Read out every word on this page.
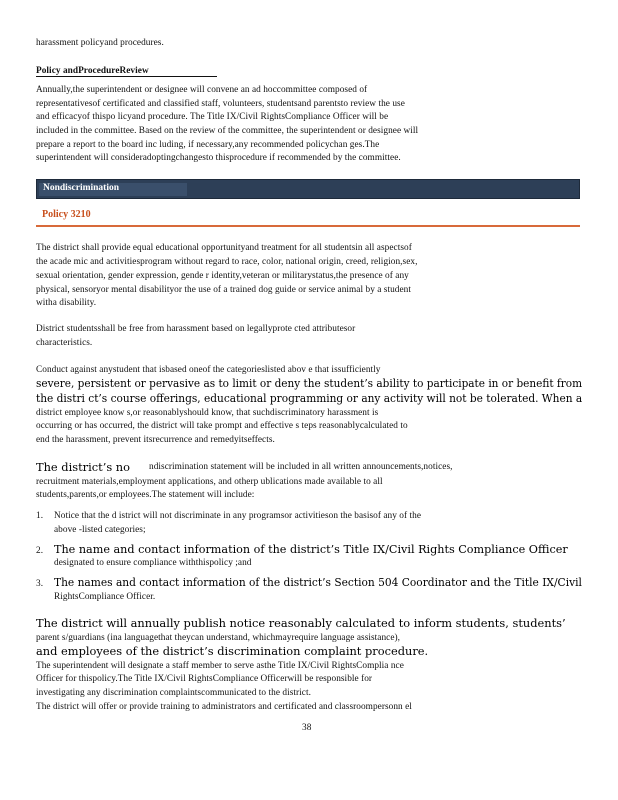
harassment policyand procedures.
Policy andProcedureReview
Annually,the superintendent or designee will convene an ad hoccommittee composed of
representativesof certificated and classified staff, volunteers, studentsand parentsto review the use
and efficacyof thispo licyand procedure. The Title IX/Civil RightsCompliance Officer will be
included in the committee. Based on the review of the committee, the superintendent or designee will
prepare a report to the board inc luding, if necessary,any recommended policychan ges.The
superintendent will consideradoptingchangesto thisprocedure if recommended by the committee.
Nondiscrimination
Policy 3210
The district shall provide equal educational opportunityand treatment for all studentsin all aspectsof
the acade mic and activitiesprogram without regard to race, color, national origin, creed, religion,sex,
sexual orientation, gender expression, gende r identity,veteran or militarystatus,the presence of any
physical, sensoryor mental disabilityor the use of a trained dog guide or service animal by a student
witha disability.
District studentsshall be free from harassment based on legallyprote cted attributesor
characteristics.
Conduct against anystudent that isbased oneof the categorieslisted abov e that issufficiently
severe, persistent or pervasive as to limit or deny the student’s ability to participate in or benefit from
the distri ct’s course offerings, educational programming or any activity will not be tolerated. When a
district employee know s,or reasonablyshould know, that suchdiscriminatory harassment is
occurring or has occurred, the district will take prompt and effective s teps reasonablycalculated to
end the harassment, prevent itsrecurrence and remedyitseffects.
The district’s no ndiscrimination statement will be included in all written announcements,notices,
recruitment materials,employment applications, and otherp ublications made available to all
students,parents,or employees.The statement will include:
1. Notice that the d istrict will not discriminate in any programsor activitieson the basisof any of the
above -listed categories;
2. The name and contact information of the district’s Title IX/Civil Rights Compliance Officer
designated to ensure compliance withthispolicy ;and
3. The names and contact information of the district’s Section 504 Coordinator and the Title IX/Civil
RightsCompliance Officer.
The district will annually publish notice reasonably calculated to inform students, students’
parent s/guardians (ina languagethat theycan understand, whichmayrequire language assistance),
and employees of the district’s discrimination complaint procedure.
The superintendent will designate a staff member to serve asthe Title IX/Civil RightsComplia nce
Officer for thispolicy.The Title IX/Civil RightsCompliance Officerwill be responsible for
investigating any discrimination complaintscommunicated to the district.
The district will offer or provide training to administrators and certificated and classroompersonn el
38
